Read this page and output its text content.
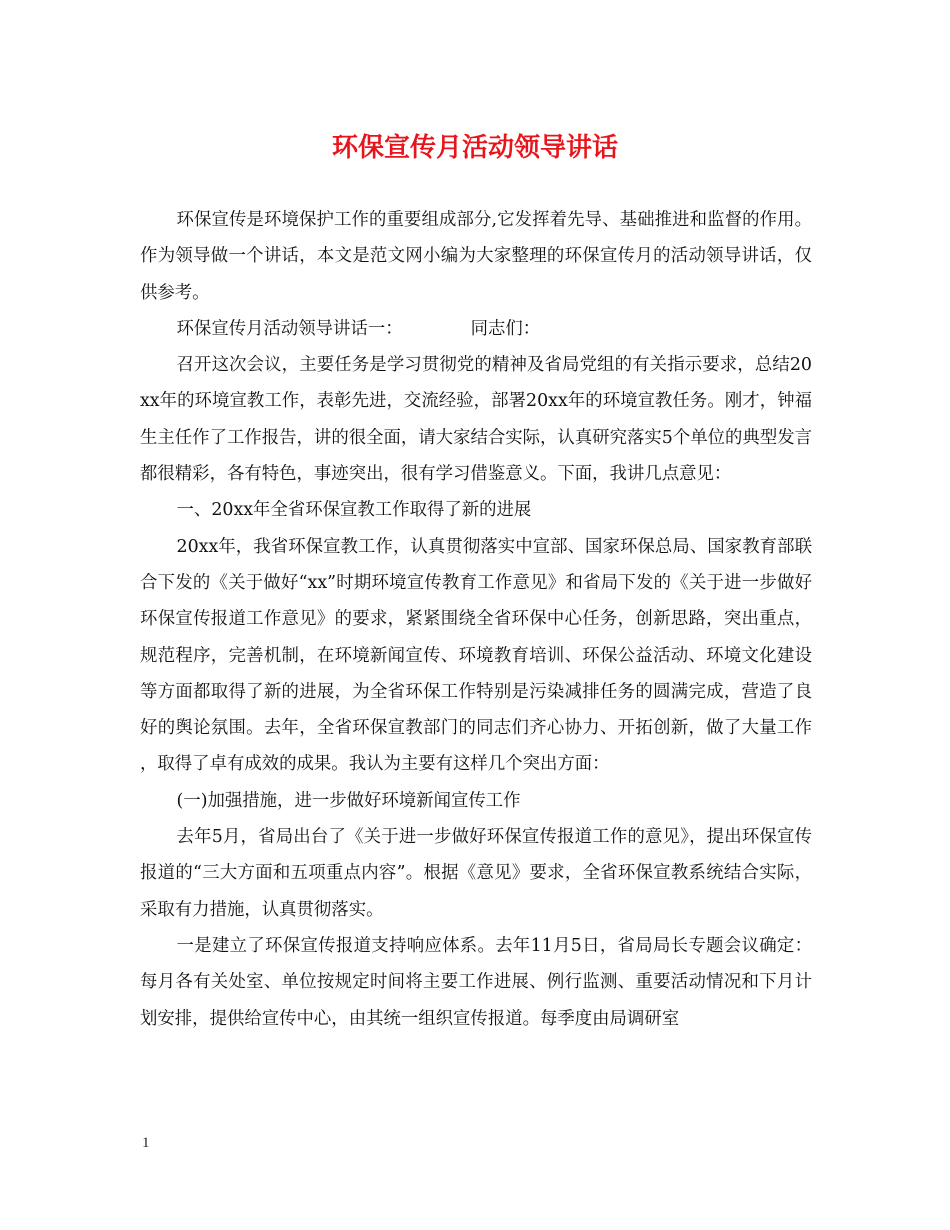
环保宣传月活动领导讲话

环保宣传是环境保护工作的重要组成部分,它发挥着先导、基础推进和监督的作用。作为领导做一个讲话，本文是范文网小编为大家整理的环保宣传月的活动领导讲话，仅供参考。

环保宣传月活动领导讲话一：	同志们：

召开这次会议，主要任务是学习贯彻党的精神及省局党组的有关指示要求，总结20xx年的环境宣教工作，表彰先进，交流经验，部署20xx年的环境宣教任务。刚才，钟福生主任作了工作报告，讲的很全面，请大家结合实际，认真研究落实5个单位的典型发言都很精彩，各有特色，事迹突出，很有学习借鉴意义。下面，我讲几点意见：

一、20xx年全省环保宣教工作取得了新的进展

20xx年，我省环保宣教工作，认真贯彻落实中宣部、国家环保总局、国家教育部联合下发的《关于做好“xx”时期环境宣传教育工作意见》和省局下发的《关于进一步做好环保宣传报道工作意见》的要求，紧紧围绕全省环保中心任务，创新思路，突出重点，规范程序，完善机制，在环境新闻宣传、环境教育培训、环保公益活动、环境文化建设等方面都取得了新的进展，为全省环保工作特别是污染减排任务的圆满完成，营造了良好的舆论氛围。去年，全省环保宣教部门的同志们齐心协力、开拓创新，做了大量工作，取得了卓有成效的成果。我认为主要有这样几个突出方面：

(一)加强措施，进一步做好环境新闻宣传工作

去年5月，省局出台了《关于进一步做好环保宣传报道工作的意见》，提出环保宣传报道的“三大方面和五项重点内容”。根据《意见》要求，全省环保宣教系统结合实际，采取有力措施，认真贯彻落实。

一是建立了环保宣传报道支持响应体系。去年11月5日，省局局长专题会议确定：每月各有关处室、单位按规定时间将主要工作进展、例行监测、重要活动情况和下月计划安排，提供给宣传中心，由其统一组织宣传报道。每季度由局调研室

1
